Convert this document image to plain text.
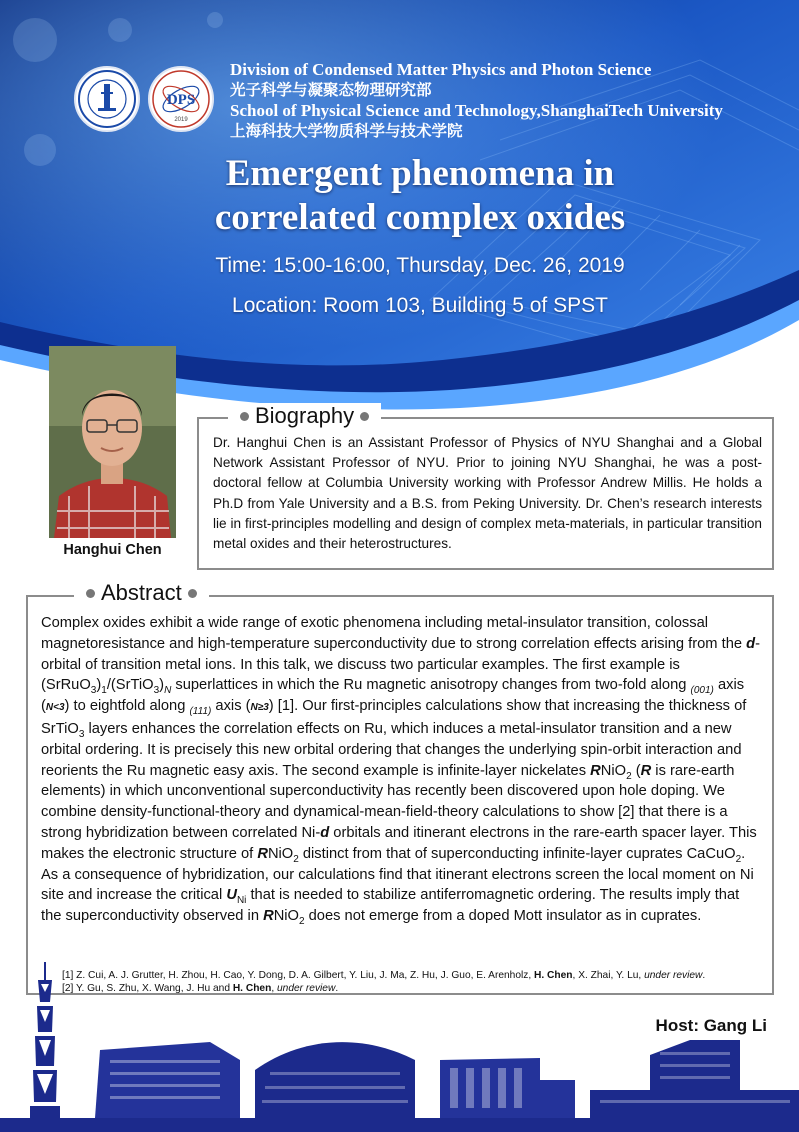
DPS
2019
Division of Condensed Matter Physics and Photon Science
光子科学与凝聚态物理研究部
School of Physical Science and Technology,ShanghaiTech University
上海科技大学物质科学与技术学院
Emergent phenomena in
correlated complex oxides
Time: 15:00-16:00, Thursday, Dec. 26, 2019
Location: Room 103, Building 5 of SPST
Hanghui Chen
Biography
Dr. Hanghui Chen is an Assistant Professor of Physics of NYU Shanghai and a Global Network Assistant Professor of NYU. Prior to joining NYU Shanghai, he was a post-doctoral fellow at Columbia University working with Professor Andrew Millis. He holds a Ph.D from Yale University and a B.S. from Peking University. Dr. Chen’s research interests lie in first-principles modelling and design of complex meta-materials, in particular transition metal oxides and their heterostructures.
Abstract
Complex oxides exhibit a wide range of exotic phenomena including metal-insulator transition, colossal magnetoresistance and high-temperature superconductivity due to strong correlation effects arising from the d-orbital of transition metal ions. In this talk, we discuss two particular examples. The first example is $(SrRuO_3)_1/(SrTiO_3)_N$ superlattices in which the Ru magnetic anisotropy changes from two-fold along $_{(001)}$ axis (N<3) to eightfold along $_{(111)}$ axis (N≥3) [1]. Our first-principles calculations show that increasing the thickness of SrTiO$_3$ layers enhances the correlation effects on Ru, which induces a metal-insulator transition and a new orbital ordering. It is precisely this new orbital ordering that changes the underlying spin-orbit interaction and reorients the Ru magnetic easy axis. The second example is infinite-layer nickelates RNiO$_2$ (R is rare-earth elements) in which unconventional superconductivity has recently been discovered upon hole doping. We combine density-functional-theory and dynamical-mean-field-theory calculations to show [2] that there is a strong hybridization between correlated Ni-d orbitals and itinerant electrons in the rare-earth spacer layer. This makes the electronic structure of RNiO$_2$ distinct from that of superconducting infinite-layer cuprates CaCuO$_2$. As a consequence of hybridization, our calculations find that itinerant electrons screen the local moment on Ni site and increase the critical $U_{Ni}$ that is needed to stabilize antiferromagnetic ordering. The results imply that the superconductivity observed in RNiO$_2$ does not emerge from a doped Mott insulator as in cuprates.
[1] Z. Cui, A. J. Grutter, H. Zhou, H. Cao, Y. Dong, D. A. Gilbert, Y. Liu, J. Ma, Z. Hu, J. Guo, E. Arenholz, H. Chen, X. Zhai, Y. Lu, under review.
[2] Y. Gu, S. Zhu, X. Wang, J. Hu and H. Chen, under review.
Host: Gang Li
